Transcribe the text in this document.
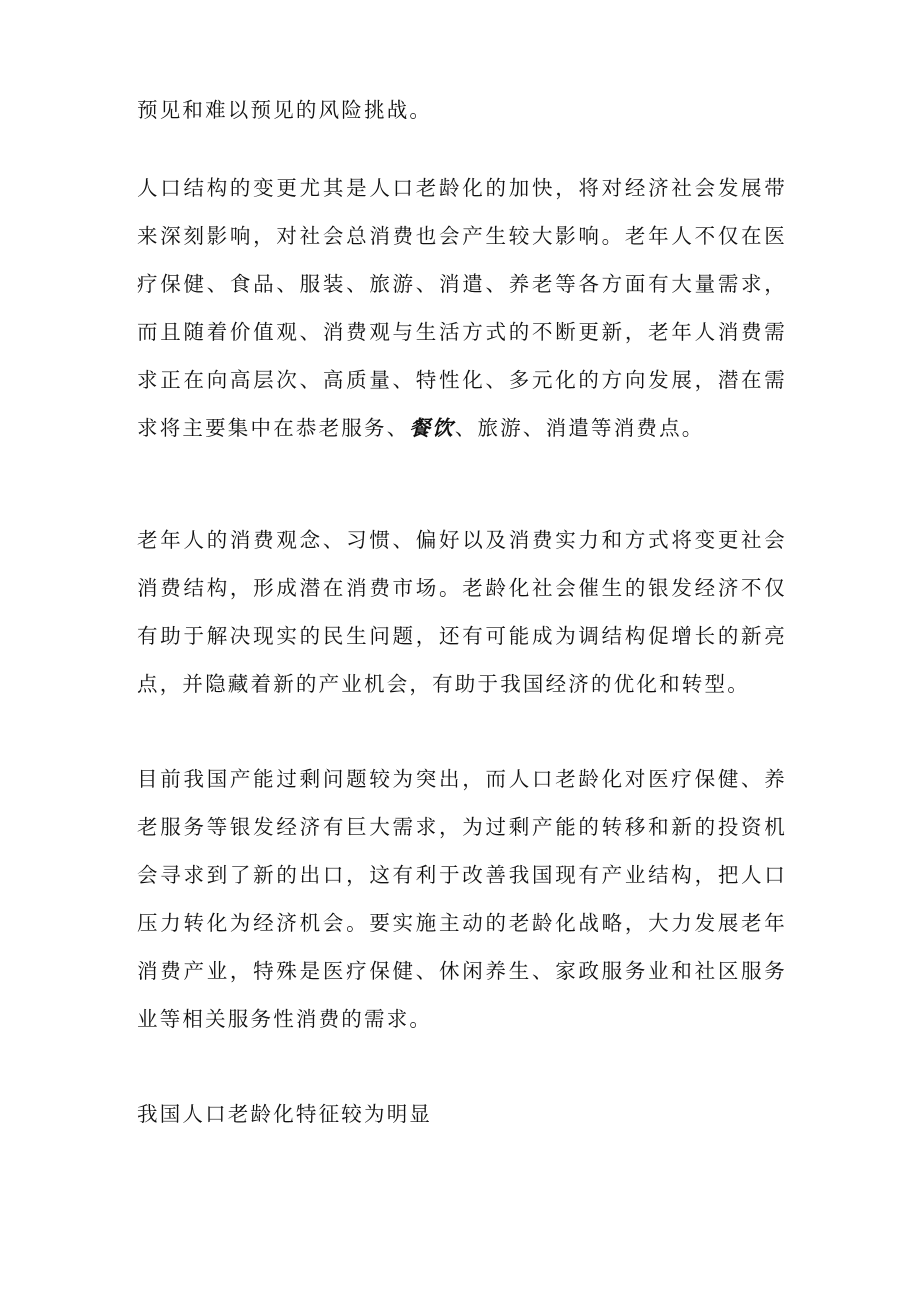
预见和难以预见的风险挑战。

人口结构的变更尤其是人口老龄化的加快，将对经济社会发展带来深刻影响，对社会总消费也会产生较大影响。老年人不仅在医疗保健、食品、服装、旅游、消遣、养老等各方面有大量需求，而且随着价值观、消费观与生活方式的不断更新，老年人消费需求正在向高层次、高质量、特性化、多元化的方向发展，潜在需求将主要集中在恭老服务、餐饮、旅游、消遣等消费点。

老年人的消费观念、习惯、偏好以及消费实力和方式将变更社会消费结构，形成潜在消费市场。老龄化社会催生的银发经济不仅有助于解决现实的民生问题，还有可能成为调结构促增长的新亮点，并隐藏着新的产业机会，有助于我国经济的优化和转型。

目前我国产能过剩问题较为突出，而人口老龄化对医疗保健、养老服务等银发经济有巨大需求，为过剩产能的转移和新的投资机会寻求到了新的出口，这有利于改善我国现有产业结构，把人口压力转化为经济机会。要实施主动的老龄化战略，大力发展老年消费产业，特殊是医疗保健、休闲养生、家政服务业和社区服务业等相关服务性消费的需求。

我国人口老龄化特征较为明显
